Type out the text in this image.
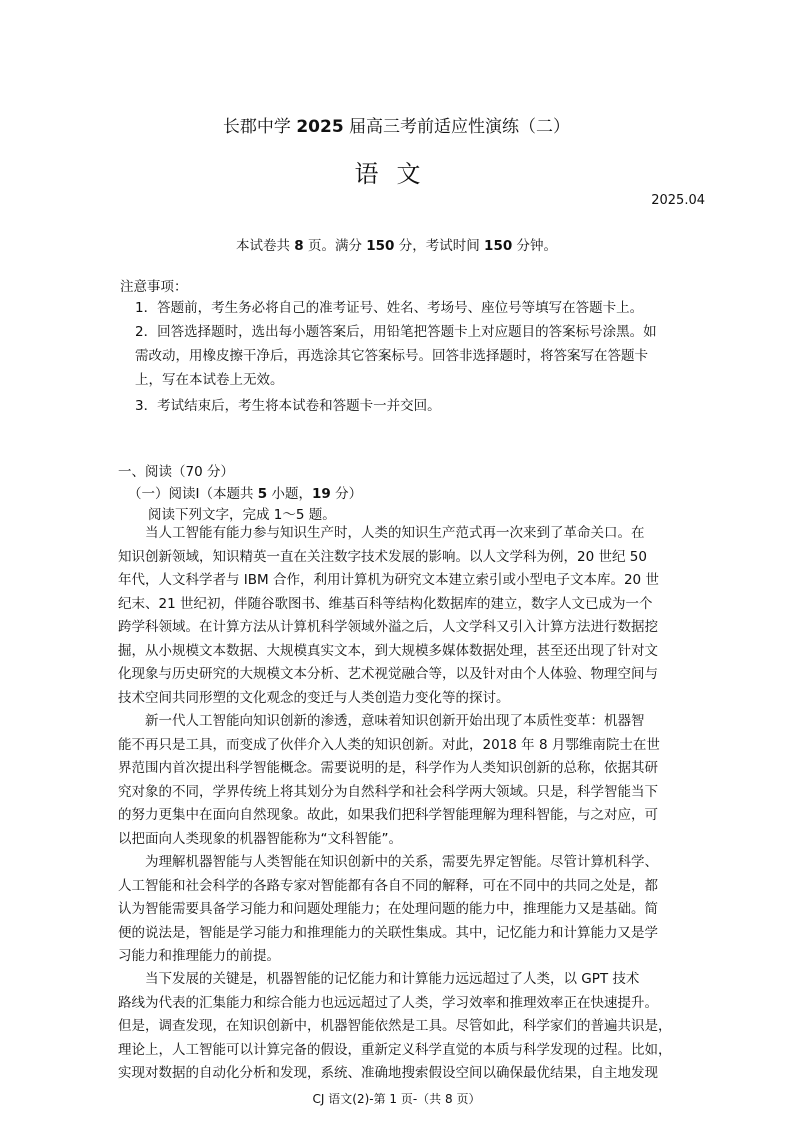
长郡中学 2025 届高三考前适应性演练（二）
语文
2025.04
本试卷共 8 页。满分 150 分，考试时间 150 分钟。
注意事项：
1．答题前，考生务必将自己的准考证号、姓名、考场号、座位号等填写在答题卡上。
2．回答选择题时，选出每小题答案后，用铅笔把答题卡上对应题目的答案标号涂黑。如
需改动，用橡皮擦干净后，再选涂其它答案标号。回答非选择题时，将答案写在答题卡
上，写在本试卷上无效。
3．考试结束后，考生将本试卷和答题卡一并交回。
一、阅读（70 分）
（一）阅读Ⅰ（本题共 5 小题，19 分）
阅读下列文字，完成 1～5 题。
　　当人工智能有能力参与知识生产时，人类的知识生产范式再一次来到了革命关口。在
知识创新领域，知识精英一直在关注数字技术发展的影响。以人文学科为例，20 世纪 50
年代，人文科学者与 IBM 合作，利用计算机为研究文本建立索引或小型电子文本库。20 世
纪末、21 世纪初，伴随谷歌图书、维基百科等结构化数据库的建立，数字人文已成为一个
跨学科领域。在计算方法从计算机科学领域外溢之后，人文学科又引入计算方法进行数据挖
掘，从小规模文本数据、大规模真实文本，到大规模多媒体数据处理，甚至还出现了针对文
化现象与历史研究的大规模文本分析、艺术视觉融合等，以及针对由个人体验、物理空间与
技术空间共同形塑的文化观念的变迁与人类创造力变化等的探讨。
　　新一代人工智能向知识创新的渗透，意味着知识创新开始出现了本质性变革：机器智
能不再只是工具，而变成了伙伴介入人类的知识创新。对此，2018 年 8 月鄂维南院士在世
界范围内首次提出科学智能概念。需要说明的是，科学作为人类知识创新的总称，依据其研
究对象的不同，学界传统上将其划分为自然科学和社会科学两大领域。只是，科学智能当下
的努力更集中在面向自然现象。故此，如果我们把科学智能理解为理科智能，与之对应，可
以把面向人类现象的机器智能称为“文科智能”。
　　为理解机器智能与人类智能在知识创新中的关系，需要先界定智能。尽管计算机科学、
人工智能和社会科学的各路专家对智能都有各自不同的解释，可在不同中的共同之处是，都
认为智能需要具备学习能力和问题处理能力；在处理问题的能力中，推理能力又是基础。简
便的说法是，智能是学习能力和推理能力的关联性集成。其中，记忆能力和计算能力又是学
习能力和推理能力的前提。
　　当下发展的关键是，机器智能的记忆能力和计算能力远远超过了人类，以 GPT 技术
路线为代表的汇集能力和综合能力也远远超过了人类，学习效率和推理效率正在快速提升。
但是，调查发现，在知识创新中，机器智能依然是工具。尽管如此，科学家们的普遍共识是，
理论上，人工智能可以计算完备的假设，重新定义科学直觉的本质与科学发现的过程。比如，
实现对数据的自动化分析和发现，系统、准确地搜索假设空间以确保最优结果，自主地发现
CJ 语文(2)-第 1 页-（共 8 页）
